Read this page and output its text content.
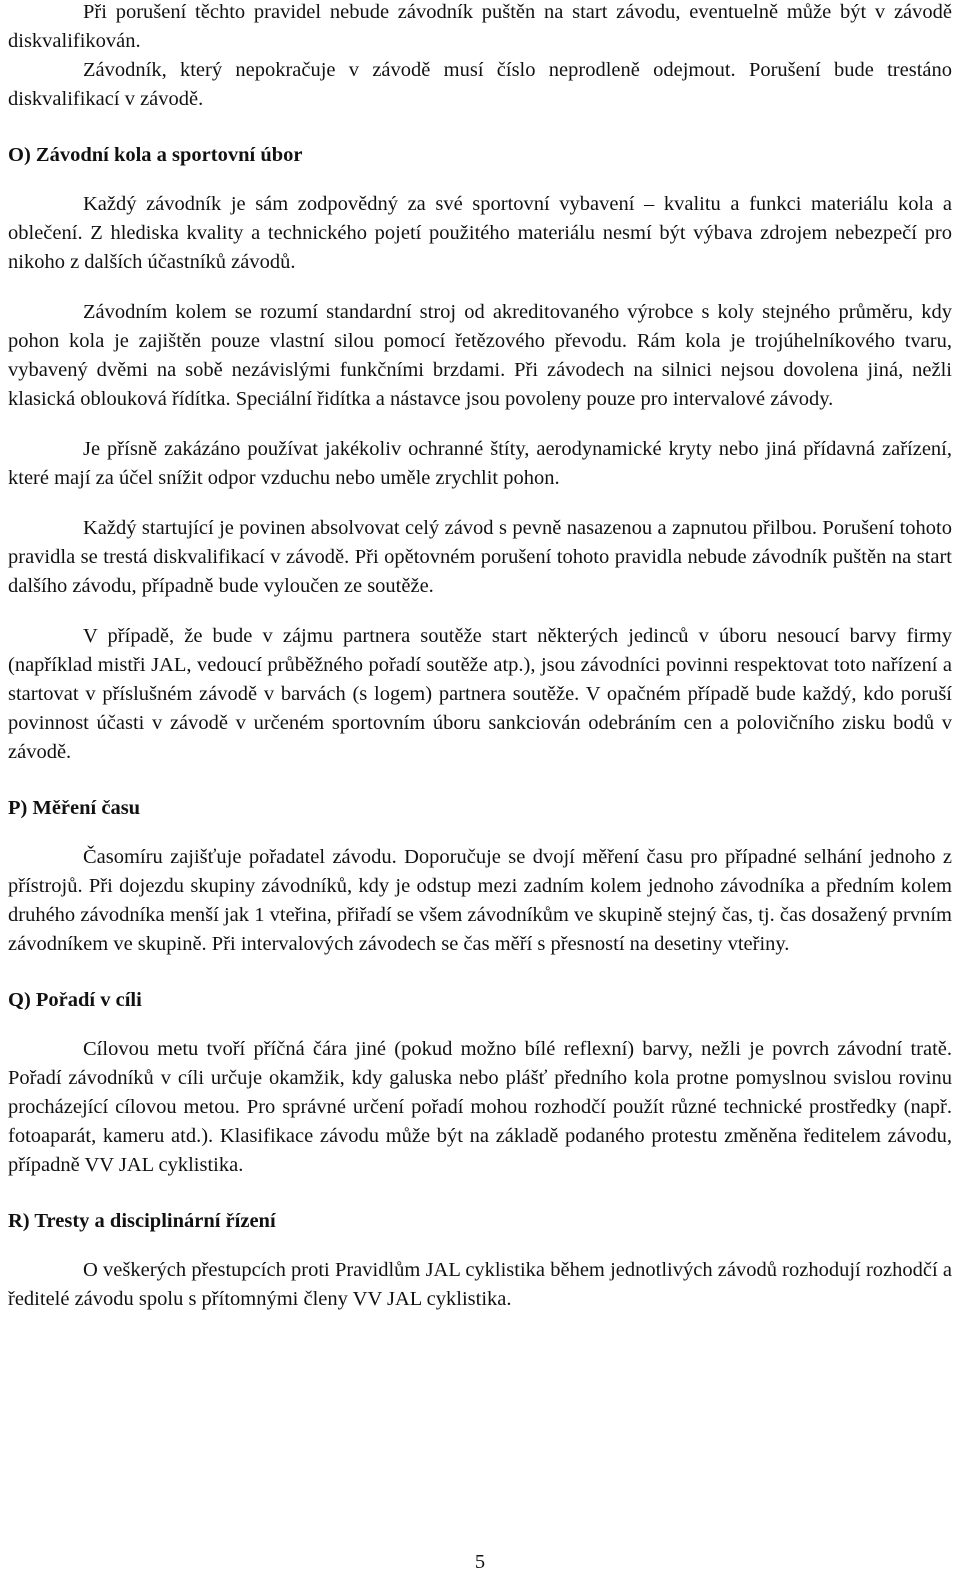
Při porušení těchto pravidel nebude závodník puštěn na start závodu, eventuelně může být v závodě diskvalifikován.

Závodník, který nepokračuje v závodě musí číslo neprodleně odejmout. Porušení bude trestáno diskvalifikací v závodě.

O) Závodní kola a sportovní úbor

Každý závodník je sám zodpovědný za své sportovní vybavení – kvalitu a funkci materiálu kola a oblečení. Z hlediska kvality a technického pojetí použitého materiálu nesmí být výbava zdrojem nebezpečí pro nikoho z dalších účastníků závodů.

Závodním kolem se rozumí standardní stroj od akreditovaného výrobce s koly stejného průměru, kdy pohon kola je zajištěn pouze vlastní silou pomocí řetězového převodu. Rám kola je trojúhelníkového tvaru, vybavený dvěmi na sobě nezávislými funkčními brzdami. Při závodech na silnici nejsou dovolena jiná, nežli klasická oblouková řídítka. Speciální řidítka a nástavce jsou povoleny pouze pro intervalové závody.

Je přísně zakázáno používat jakékoliv ochranné štíty, aerodynamické kryty nebo jiná přídavná zařízení, které mají za účel snížit odpor vzduchu nebo uměle zrychlit pohon.

Každý startující je povinen absolvovat celý závod s pevně nasazenou a zapnutou přilbou. Porušení tohoto pravidla se trestá diskvalifikací v závodě. Při opětovném porušení tohoto pravidla nebude závodník puštěn na start dalšího závodu, případně bude vyloučen ze soutěže.

V případě, že bude v zájmu partnera soutěže start některých jedinců v úboru nesoucí barvy firmy (například mistři JAL, vedoucí průběžného pořadí soutěže atp.), jsou závodníci povinni respektovat toto nařízení a startovat v příslušném závodě v barvách (s logem) partnera soutěže. V opačném případě bude každý, kdo poruší povinnost účasti v závodě v určeném sportovním úboru sankciován odebráním cen a polovičního zisku bodů v závodě.

P) Měření času

Časomíru zajišťuje pořadatel závodu. Doporučuje se dvojí měření času pro případné selhání jednoho z přístrojů. Při dojezdu skupiny závodníků, kdy je odstup mezi zadním kolem jednoho závodníka a předním kolem druhého závodníka menší jak 1 vteřina, přiřadí se všem závodníkům ve skupině stejný čas, tj. čas dosažený prvním závodníkem ve skupině. Při intervalových závodech se čas měří s přesností na desetiny vteřiny.

Q) Pořadí v cíli

Cílovou metu tvoří příčná čára jiné (pokud možno bílé reflexní) barvy, nežli je povrch závodní tratě. Pořadí závodníků v cíli určuje okamžik, kdy galuska nebo plášť předního kola protne pomyslnou svislou rovinu procházející cílovou metou. Pro správné určení pořadí mohou rozhodčí použít různé technické prostředky (např. fotoaparát, kameru atd.). Klasifikace závodu může být na základě podaného protestu změněna ředitelem závodu, případně VV JAL cyklistika.

R) Tresty a disciplinární řízení

O veškerých přestupcích proti Pravidlům JAL cyklistika během jednotlivých závodů rozhodují rozhodčí a ředitelé závodu spolu s přítomnými členy VV JAL cyklistika.

5
